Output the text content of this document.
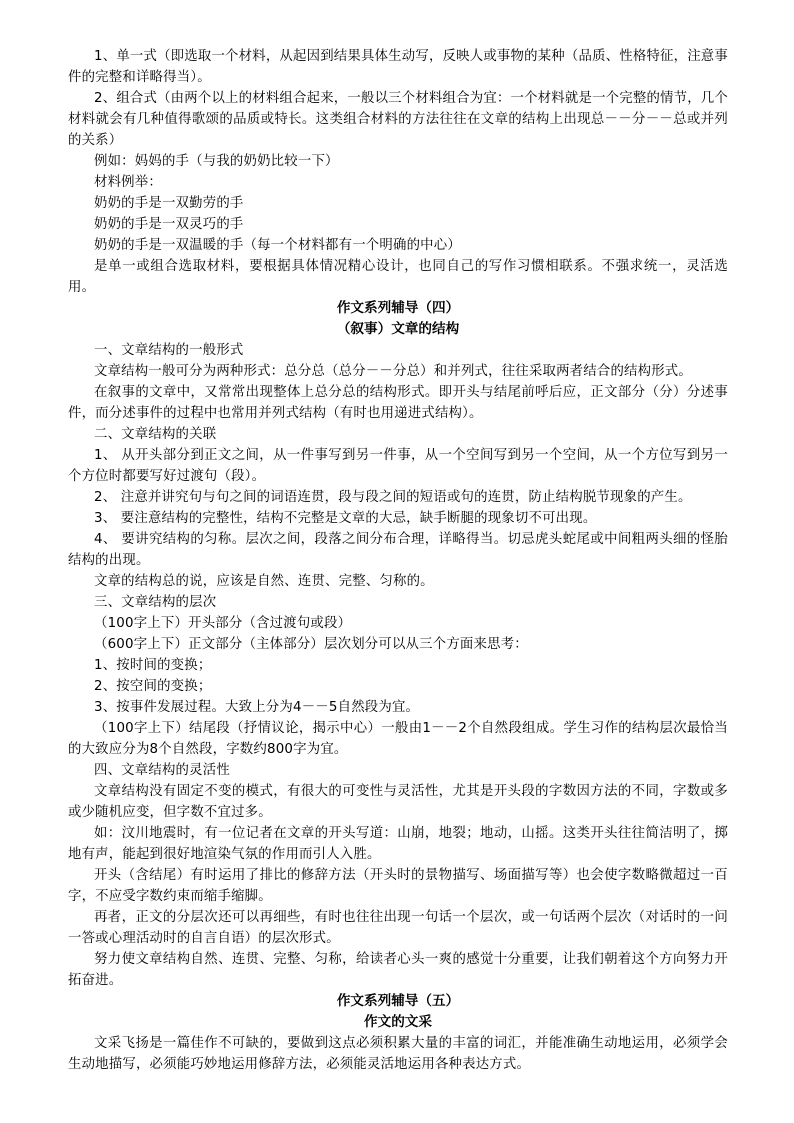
1、单一式（即选取一个材料，从起因到结果具体生动写，反映人或事物的某种（品质、性格特征，注意事件的完整和详略得当）。

2、组合式（由两个以上的材料组合起来，一般以三个材料组合为宜：一个材料就是一个完整的情节，几个材料就会有几种值得歌颂的品质或特长。这类组合材料的方法往往在文章的结构上出现总－－分－－总或并列的关系）

例如：妈妈的手（与我的奶奶比较一下）

材料例举：

奶奶的手是一双勤劳的手

奶奶的手是一双灵巧的手

奶奶的手是一双温暖的手（每一个材料都有一个明确的中心）

是单一或组合选取材料，要根据具体情况精心设计，也同自己的写作习惯相联系。不强求统一，灵活选用。

作文系列辅导（四）

（叙事）文章的结构

一、文章结构的一般形式

文章结构一般可分为两种形式：总分总（总分－－分总）和并列式，往往采取两者结合的结构形式。

在叙事的文章中，又常常出现整体上总分总的结构形式。即开头与结尾前呼后应，正文部分（分）分述事件，而分述事件的过程中也常用并列式结构（有时也用递进式结构）。

二、文章结构的关联

1、 从开头部分到正文之间，从一件事写到另一件事，从一个空间写到另一个空间，从一个方位写到另一个方位时都要写好过渡句（段）。

2、 注意并讲究句与句之间的词语连贯，段与段之间的短语或句的连贯，防止结构脱节现象的产生。

3、 要注意结构的完整性，结构不完整是文章的大忌，缺手断腿的现象切不可出现。

4、 要讲究结构的匀称。层次之间，段落之间分布合理，详略得当。切忌虎头蛇尾或中间粗两头细的怪胎结构的出现。

文章的结构总的说，应该是自然、连贯、完整、匀称的。

三、文章结构的层次

（100字上下）开头部分（含过渡句或段）

（600字上下）正文部分（主体部分）层次划分可以从三个方面来思考：

1、按时间的变换；

2、按空间的变换；

3、按事件发展过程。大致上分为4－－5自然段为宜。

（100字上下）结尾段（抒情议论，揭示中心）一般由1－－2个自然段组成。学生习作的结构层次最恰当的大致应分为8个自然段，字数约800字为宜。

四、文章结构的灵活性

文章结构没有固定不变的模式，有很大的可变性与灵活性，尤其是开头段的字数因方法的不同，字数或多或少随机应变，但字数不宜过多。

如：汶川地震时，有一位记者在文章的开头写道：山崩，地裂；地动，山摇。这类开头往往简洁明了，掷地有声，能起到很好地渲染气氛的作用而引人入胜。

开头（含结尾）有时运用了排比的修辞方法（开头时的景物描写、场面描写等）也会使字数略微超过一百字，不应受字数约束而缩手缩脚。

再者，正文的分层次还可以再细些，有时也往往出现一句话一个层次，或一句话两个层次（对话时的一问一答或心理活动时的自言自语）的层次形式。

努力使文章结构自然、连贯、完整、匀称，给读者心头一爽的感觉十分重要，让我们朝着这个方向努力开拓奋进。

作文系列辅导（五）

作文的文采

文采飞扬是一篇佳作不可缺的，要做到这点必须积累大量的丰富的词汇，并能准确生动地运用，必须学会生动地描写，必须能巧妙地运用修辞方法，必须能灵活地运用各种表达方式。
